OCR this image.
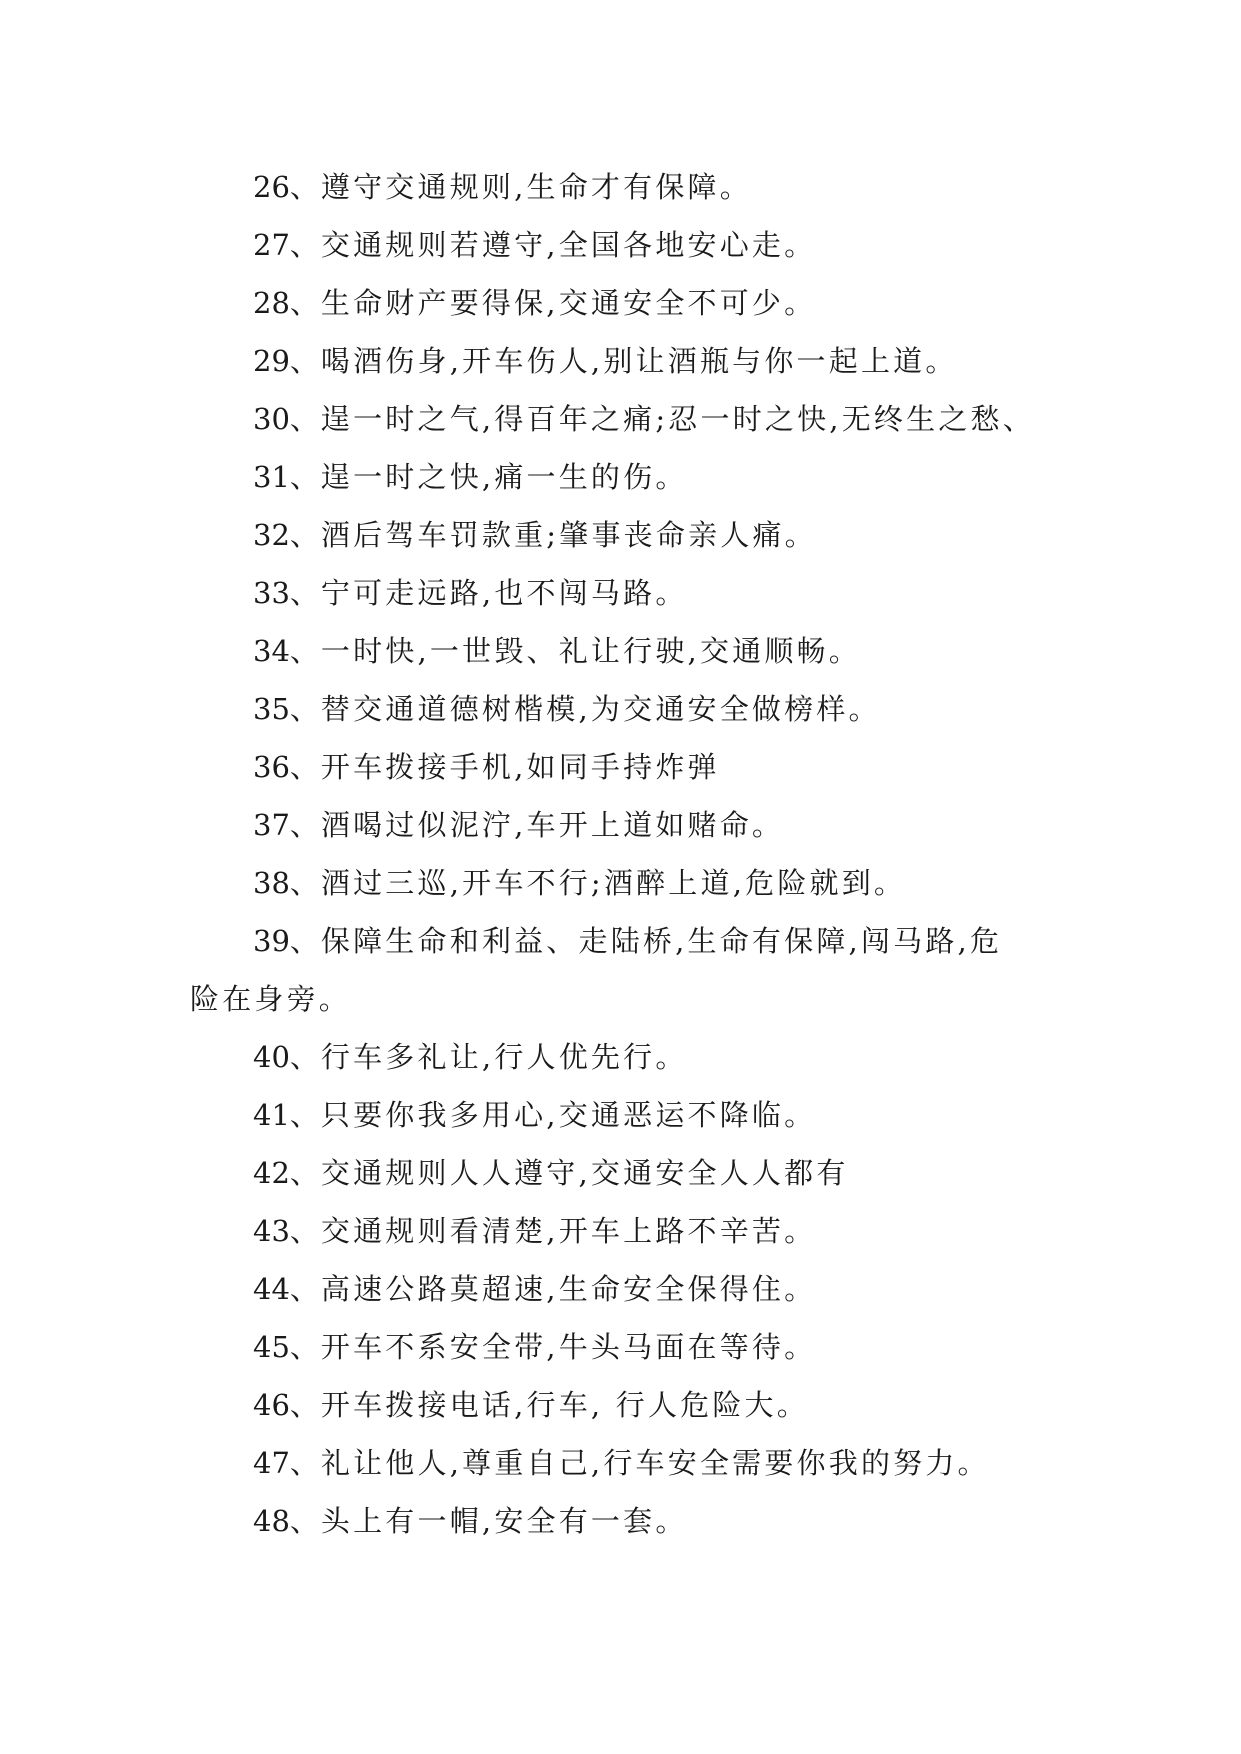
26、遵守交通规则,生命才有保障。
27、交通规则若遵守,全国各地安心走。
28、生命财产要得保,交通安全不可少。
29、喝酒伤身,开车伤人,别让酒瓶与你一起上道。
30、逞一时之气,得百年之痛;忍一时之快,无终生之愁、
31、逞一时之快,痛一生的伤。
32、酒后驾车罚款重;肇事丧命亲人痛。
33、宁可走远路,也不闯马路。
34、一时快,一世毁、礼让行驶,交通顺畅。
35、替交通道德树楷模,为交通安全做榜样。
36、开车拨接手机,如同手持炸弹
37、酒喝过似泥泞,车开上道如赌命。
38、酒过三巡,开车不行;酒醉上道,危险就到。
39、保障生命和利益、走陆桥,生命有保障,闯马路,危
险在身旁。
40、行车多礼让,行人优先行。
41、只要你我多用心,交通恶运不降临。
42、交通规则人人遵守,交通安全人人都有
43、交通规则看清楚,开车上路不辛苦。
44、高速公路莫超速,生命安全保得住。
45、开车不系安全带,牛头马面在等待。
46、开车拨接电话,行车, 行人危险大。
47、礼让他人,尊重自己,行车安全需要你我的努力。
48、头上有一帽,安全有一套。
